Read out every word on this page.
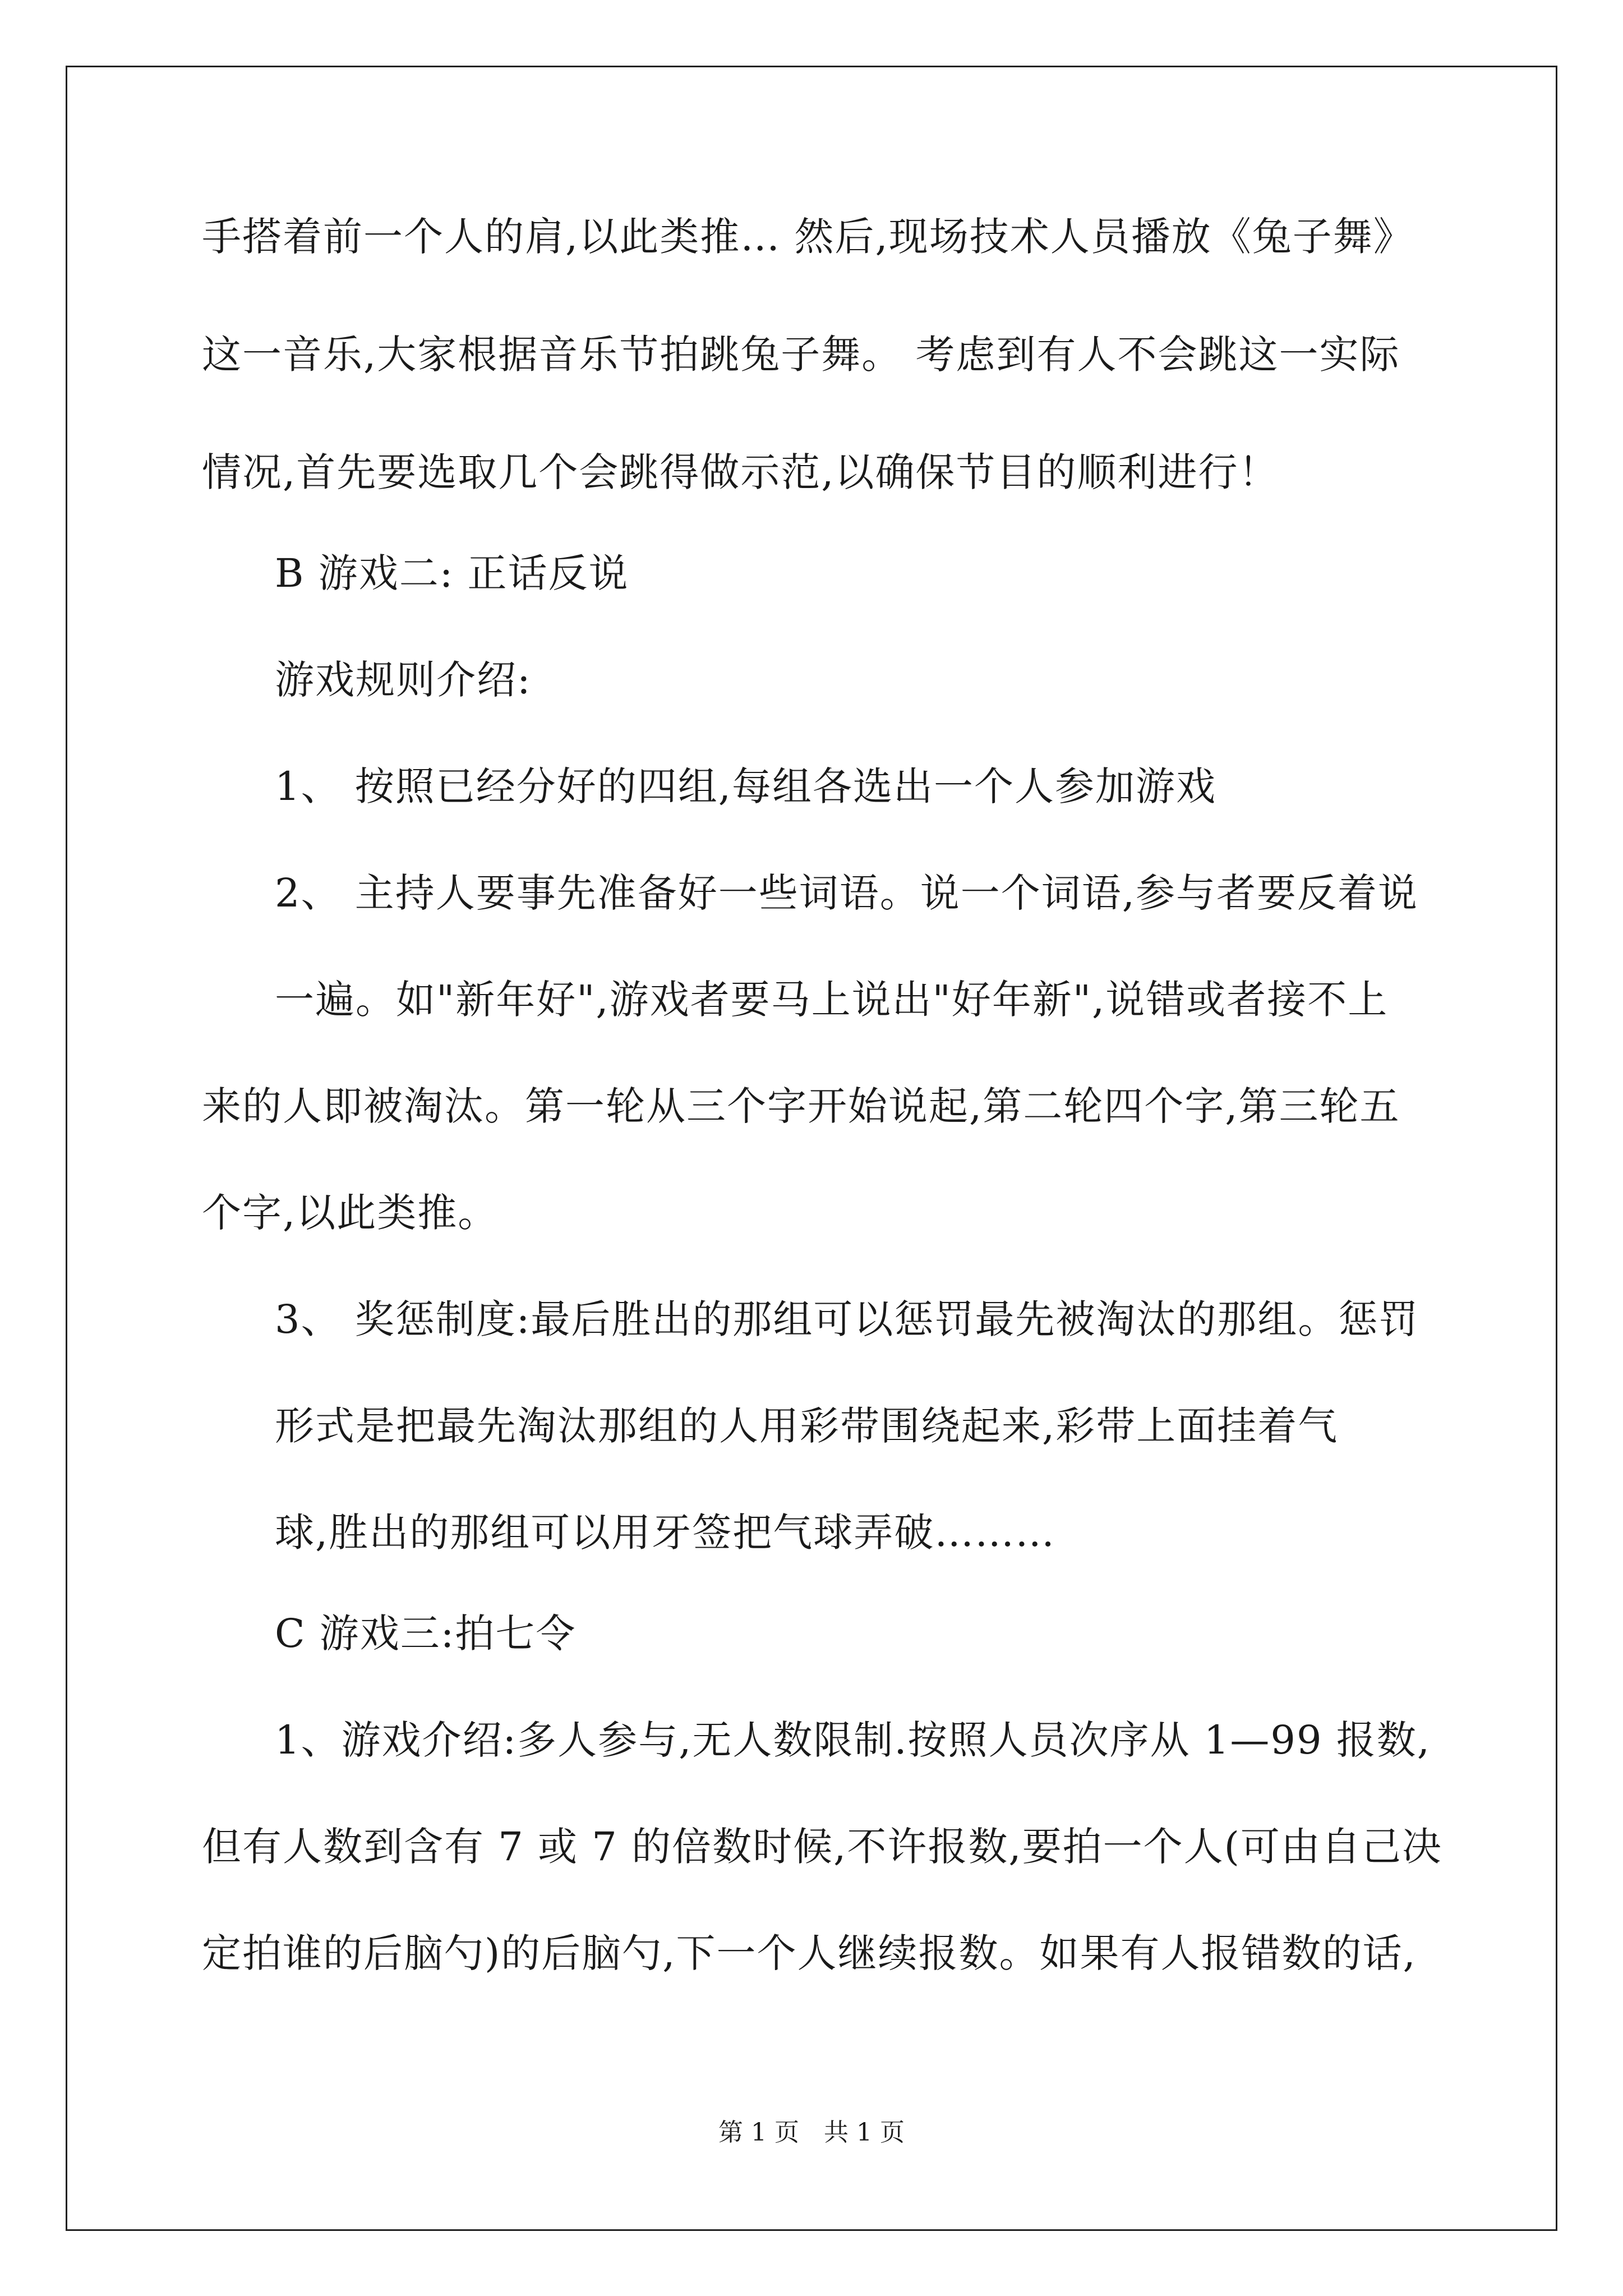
手搭着前一个人的肩,以此类推… 然后,现场技术人员播放《兔子舞》
这一音乐,大家根据音乐节拍跳兔子舞。 考虑到有人不会跳这一实际
情况,首先要选取几个会跳得做示范,以确保节目的顺利进行！
B 游戏二: 正话反说
游戏规则介绍:
1、 按照已经分好的四组,每组各选出一个人参加游戏
2、 主持人要事先准备好一些词语。说一个词语,参与者要反着说
一遍。如"新年好",游戏者要马上说出"好年新",说错或者接不上
来的人即被淘汰。第一轮从三个字开始说起,第二轮四个字,第三轮五
个字,以此类推。
3、 奖惩制度:最后胜出的那组可以惩罚最先被淘汰的那组。惩罚
形式是把最先淘汰那组的人用彩带围绕起来,彩带上面挂着气
球,胜出的那组可以用牙签把气球弄破………
C 游戏三:拍七令
1、游戏介绍:多人参与,无人数限制.按照人员次序从 1—99 报数,
但有人数到含有 7 或 7 的倍数时候,不许报数,要拍一个人(可由自己决
定拍谁的后脑勺)的后脑勺,下一个人继续报数。如果有人报错数的话,
第 1 页　共 1 页
